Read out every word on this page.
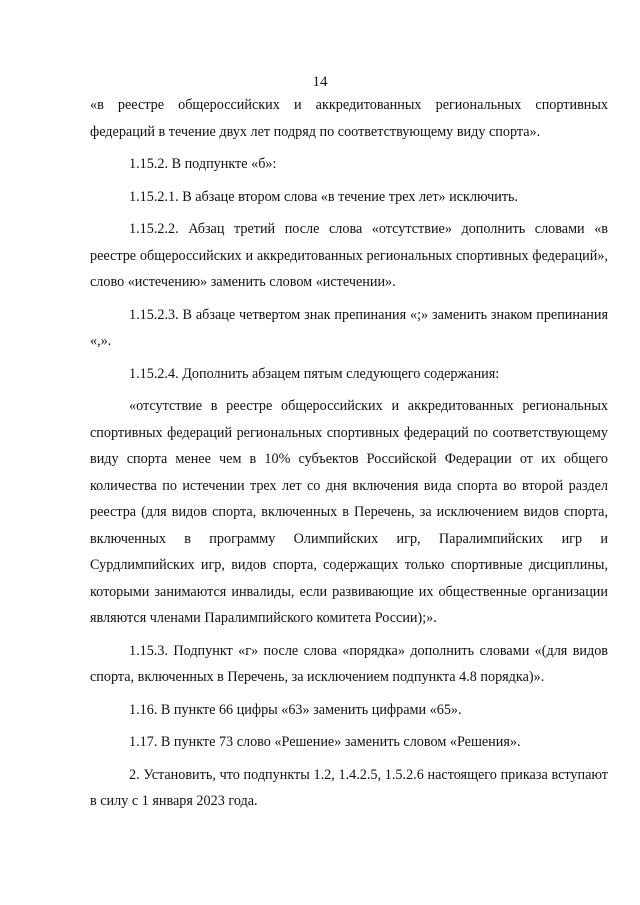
14

«в реестре общероссийских и аккредитованных региональных спортивных федераций в течение двух лет подряд по соответствующему виду спорта».

1.15.2. В подпункте «б»:

1.15.2.1. В абзаце втором слова «в течение трех лет» исключить.

1.15.2.2. Абзац третий после слова «отсутствие» дополнить словами «в реестре общероссийских и аккредитованных региональных спортивных федераций», слово «истечению» заменить словом «истечении».

1.15.2.3. В абзаце четвертом знак препинания «;» заменить знаком препинания «,».

1.15.2.4. Дополнить абзацем пятым следующего содержания:

«отсутствие в реестре общероссийских и аккредитованных региональных спортивных федераций региональных спортивных федераций по соответствующему виду спорта менее чем в 10% субъектов Российской Федерации от их общего количества по истечении трех лет со дня включения вида спорта во второй раздел реестра (для видов спорта, включенных в Перечень, за исключением видов спорта, включенных в программу Олимпийских игр, Паралимпийских игр и Сурдлимпийских игр, видов спорта, содержащих только спортивные дисциплины, которыми занимаются инвалиды, если развивающие их общественные организации являются членами Паралимпийского комитета России);».

1.15.3. Подпункт «г» после слова «порядка» дополнить словами «(для видов спорта, включенных в Перечень, за исключением подпункта 4.8 порядка)».

1.16. В пункте 66 цифры «63» заменить цифрами «65».

1.17. В пункте 73 слово «Решение» заменить словом «Решения».

2. Установить, что подпункты 1.2, 1.4.2.5, 1.5.2.6 настоящего приказа вступают в силу с 1 января 2023 года.
